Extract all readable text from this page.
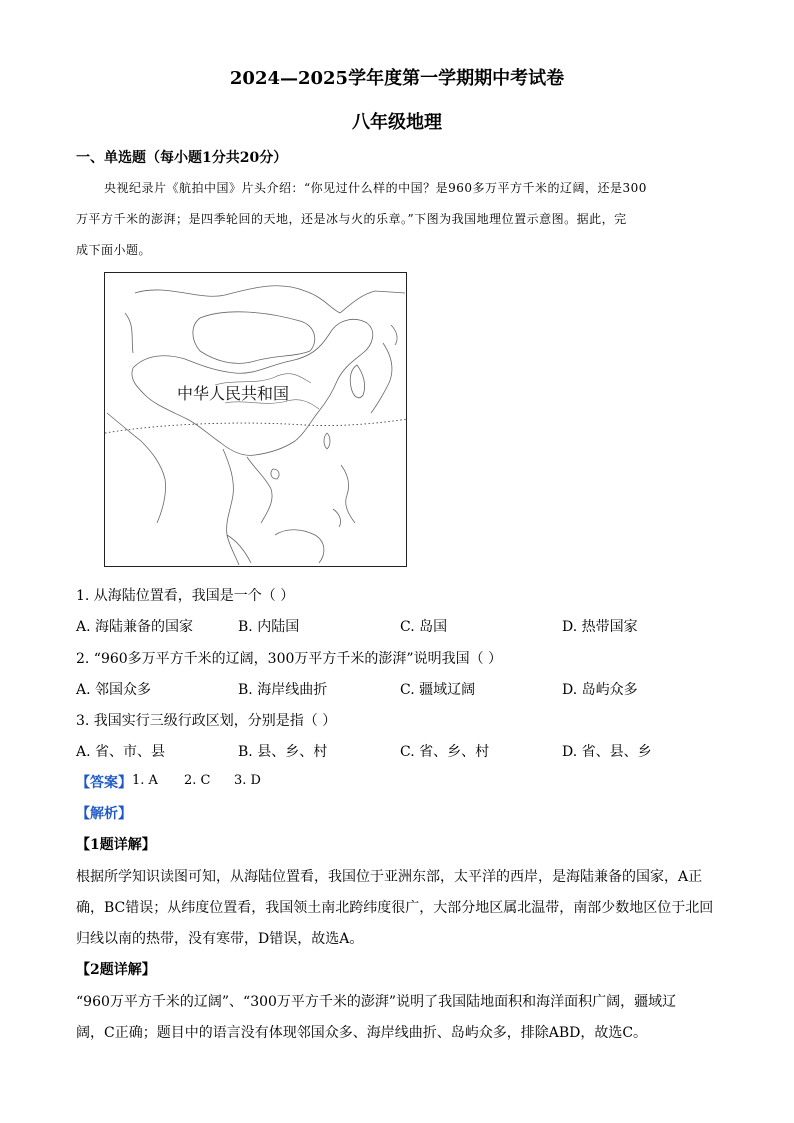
2024—2025学年度第一学期期中考试卷
八年级地理
一、单选题（每小题1分共20分）
央视纪录片《航拍中国》片头介绍：“你见过什么样的中国？是960多万平方千米的辽阔，还是300
万平方千米的澎湃；是四季轮回的天地，还是冰与火的乐章。”下图为我国地理位置示意图。据此，完
成下面小题。
中华人民共和国
1. 从海陆位置看，我国是一个（ ）
A. 海陆兼备的国家	B. 内陆国	C. 岛国	D. 热带国家
2. “960多万平方千米的辽阔，300万平方千米的澎湃”说明我国（ ）
A. 邻国众多	B. 海岸线曲折	C. 疆域辽阔	D. 岛屿众多
3. 我国实行三级行政区划，分别是指（ ）
A. 省、市、县	B. 县、乡、村	C. 省、乡、村	D. 省、县、乡
【答案】 1. A 2. C 3. D
【解析】
【1题详解】
根据所学知识读图可知，从海陆位置看，我国位于亚洲东部，太平洋的西岸，是海陆兼备的国家，A正
确，BC错误；从纬度位置看，我国领土南北跨纬度很广，大部分地区属北温带，南部少数地区位于北回
归线以南的热带，没有寒带，D错误，故选A。
【2题详解】
“960万平方千米的辽阔”、“300万平方千米的澎湃”说明了我国陆地面积和海洋面积广阔，疆域辽
阔，C正确；题目中的语言没有体现邻国众多、海岸线曲折、岛屿众多，排除ABD，故选C。
